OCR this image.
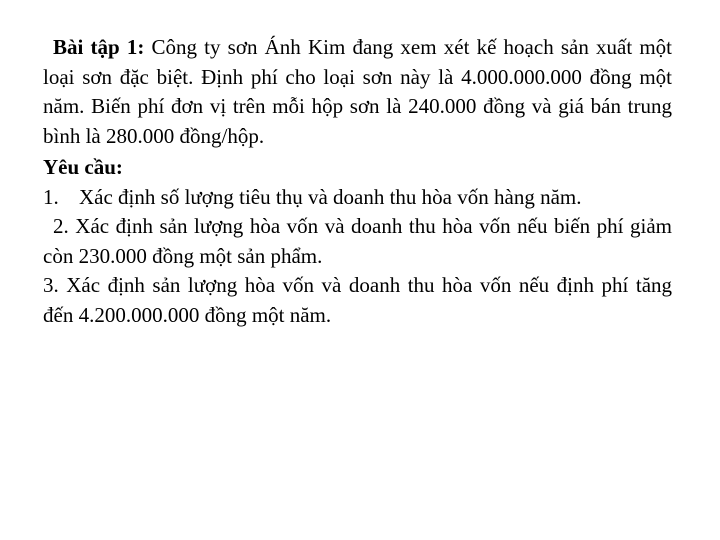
Bài tập 1: Công ty sơn Ánh Kim đang xem xét kế hoạch sản xuất một loại sơn đặc biệt. Định phí cho loại sơn này là 4.000.000.000 đồng một năm. Biến phí đơn vị trên mỗi hộp sơn là 240.000 đồng và giá bán trung bình là 280.000 đồng/hộp.

Yêu cầu:

1. Xác định số lượng tiêu thụ và doanh thu hòa vốn hàng năm.

2. Xác định sản lượng hòa vốn và doanh thu hòa vốn nếu biến phí giảm còn 230.000 đồng một sản phẩm.

3. Xác định sản lượng hòa vốn và doanh thu hòa vốn nếu định phí tăng đến 4.200.000.000 đồng một năm.
